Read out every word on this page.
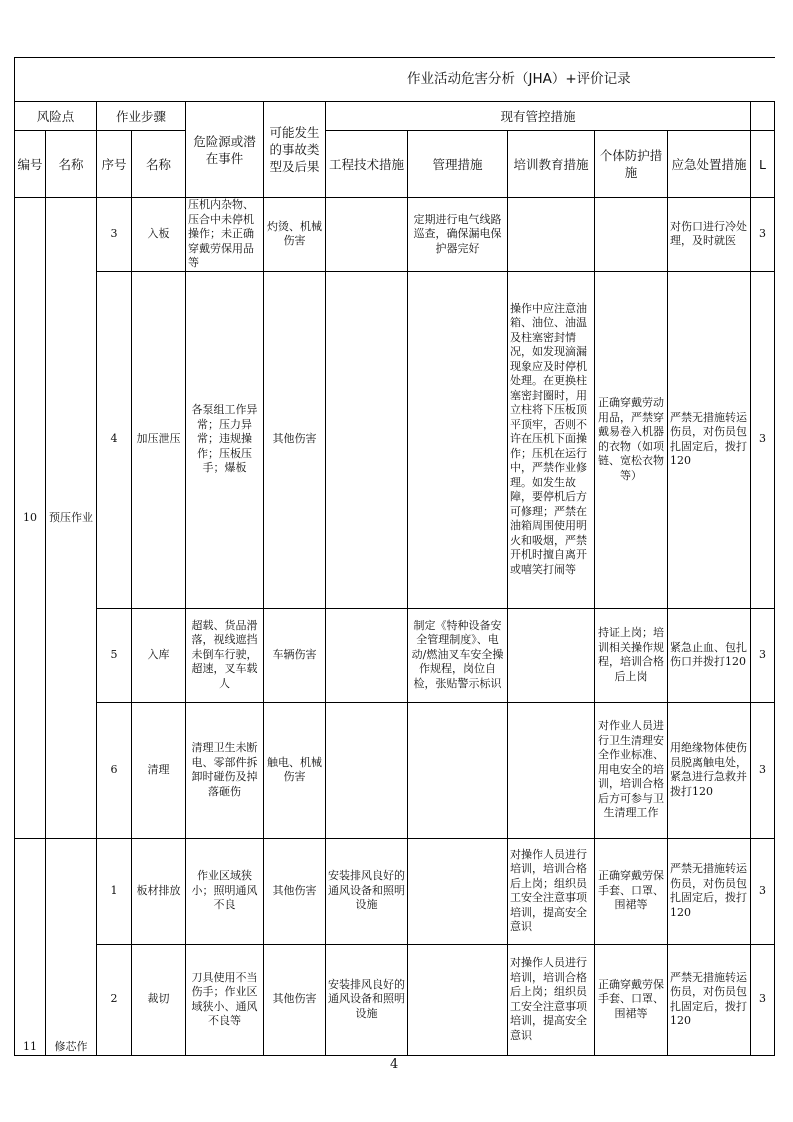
作业活动危害分析（JHA）+评价记录											
风险点		作业步骤		危险源或潜在事件	可能发生的事故类型及后果	现有管控措施					
编号	名称	序号	名称			工程技术措施	管理措施	培训教育措施	个体防护措施	应急处置措施	L
10	预压作业	3	入板	压机内杂物、压合中未停机操作；未正确穿戴劳保用品等	灼烫、机械伤害		定期进行电气线路巡查，确保漏电保护器完好			对伤口进行冷处理，及时就医	3
		4	加压泄压	各泵组工作异常；压力异常；违规操作；压板压手；爆板	其他伤害			操作中应注意油箱、油位、油温及柱塞密封情况，如发现滴漏现象应及时停机处理。在更换柱塞密封圈时，用立柱将下压板顶平顶牢，否则不许在压机下面操作；压机在运行中，严禁作业修理。如发生故障，要停机后方可修理；严禁在油箱周围使用明火和吸烟，严禁开机时擅自离开或嘻笑打闹等	正确穿戴劳动用品，严禁穿戴易卷入机器的衣物（如项链、宽松衣物等）	严禁无措施转运伤员，对伤员包扎固定后，拨打120	3
		5	入库	超载、货品滑落，视线遮挡未倒车行驶，超速，叉车载人	车辆伤害		制定《特种设备安全管理制度》、电动/燃油叉车安全操作规程，岗位自检，张贴警示标识		持证上岗；培训相关操作规程，培训合格后上岗	紧急止血、包扎伤口并拨打120	3
		6	清理	清理卫生未断电、零部件拆卸时碰伤及掉落砸伤	触电、机械伤害				对作业人员进行卫生清理安全作业标准、用电安全的培训，培训合格后方可参与卫生清理工作	用绝缘物体使伤员脱离触电处，紧急进行急救并拨打120	3
11	修芯作	1	板材排放	作业区域狭小；照明通风不良	其他伤害	安装排风良好的通风设备和照明设施		对操作人员进行培训，培训合格后上岗；组织员工安全注意事项培训，提高安全意识	正确穿戴劳保手套、口罩、围裙等	严禁无措施转运伤员，对伤员包扎固定后，拨打120	3
		2	裁切	刀具使用不当伤手；作业区域狭小、通风不良等	其他伤害	安装排风良好的通风设备和照明设施		对操作人员进行培训，培训合格后上岗；组织员工安全注意事项培训，提高安全意识	正确穿戴劳保手套、口罩、围裙等	严禁无措施转运伤员，对伤员包扎固定后，拨打120	3
4
